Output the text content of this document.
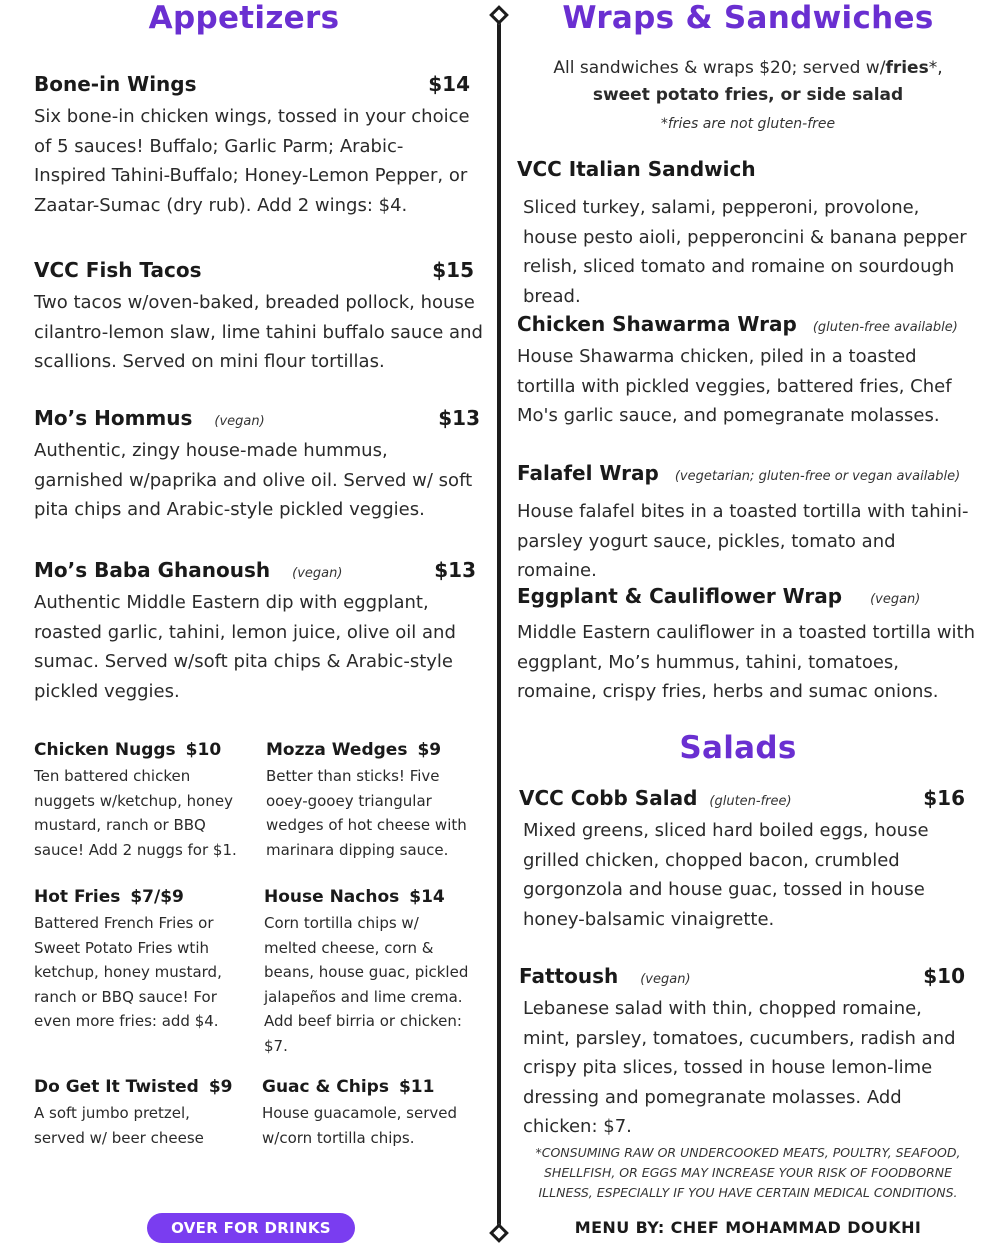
Appetizers
Bone-in Wings	$14
Six bone-in chicken wings, tossed in your choice of 5 sauces! Buffalo; Garlic Parm; Arabic-Inspired Tahini-Buffalo; Honey-Lemon Pepper, or Zaatar-Sumac (dry rub). Add 2 wings: $4.
VCC Fish Tacos	$15
Two tacos w/oven-baked, breaded pollock, house cilantro-lemon slaw, lime tahini buffalo sauce and scallions. Served on mini flour tortillas.
Mo’s Hommus (vegan)	$13
Authentic, zingy house-made hummus, garnished w/paprika and olive oil. Served w/ soft pita chips and Arabic-style pickled veggies.
Mo’s Baba Ghanoush (vegan)	$13
Authentic Middle Eastern dip with eggplant, roasted garlic, tahini, lemon juice, olive oil and sumac. Served w/soft pita chips & Arabic-style pickled veggies.
Chicken Nuggs $10
Ten battered chicken nuggets w/ketchup, honey mustard, ranch or BBQ sauce! Add 2 nuggs for $1.
Mozza Wedges $9
Better than sticks! Five ooey-gooey triangular wedges of hot cheese with marinara dipping sauce.
Hot Fries $7/$9
Battered French Fries or Sweet Potato Fries wtih ketchup, honey mustard, ranch or BBQ sauce! For even more fries: add $4.
House Nachos $14
Corn tortilla chips w/ melted cheese, corn & beans, house guac, pickled jalapeños and lime crema. Add beef birria or chicken: $7.
Do Get It Twisted $9
A soft jumbo pretzel, served w/ beer cheese
Guac & Chips $11
House guacamole, served w/corn tortilla chips.
OVER FOR DRINKS
Wraps & Sandwiches
All sandwiches & wraps $20; served w/fries*,
sweet potato fries, or side salad
*fries are not gluten-free
VCC Italian Sandwich
Sliced turkey, salami, pepperoni, provolone, house pesto aioli, pepperoncini & banana pepper relish, sliced tomato and romaine on sourdough bread.
Chicken Shawarma Wrap (gluten-free available)
House Shawarma chicken, piled in a toasted tortilla with pickled veggies, battered fries, Chef Mo's garlic sauce, and pomegranate molasses.
Falafel Wrap (vegetarian; gluten-free or vegan available)
House falafel bites in a toasted tortilla with tahini-parsley yogurt sauce, pickles, tomato and romaine.
Eggplant & Cauliflower Wrap (vegan)
Middle Eastern cauliflower in a toasted tortilla with eggplant, Mo’s hummus, tahini, tomatoes, romaine, crispy fries, herbs and sumac onions.
Salads
VCC Cobb Salad (gluten-free)	$16
Mixed greens, sliced hard boiled eggs, house grilled chicken, chopped bacon, crumbled gorgonzola and house guac, tossed in house honey-balsamic vinaigrette.
Fattoush (vegan)	$10
Lebanese salad with thin, chopped romaine, mint, parsley, tomatoes, cucumbers, radish and crispy pita slices, tossed in house lemon-lime dressing and pomegranate molasses. Add chicken: $7.
*CONSUMING RAW OR UNDERCOOKED MEATS, POULTRY, SEAFOOD, SHELLFISH, OR EGGS MAY INCREASE YOUR RISK OF FOODBORNE ILLNESS, ESPECIALLY IF YOU HAVE CERTAIN MEDICAL CONDITIONS.
MENU BY: CHEF MOHAMMAD DOUKHI
